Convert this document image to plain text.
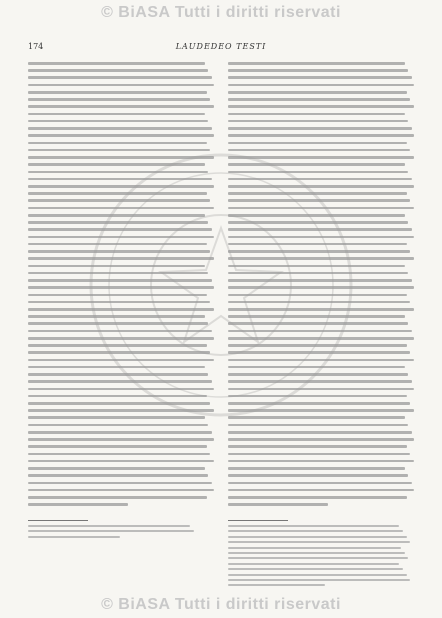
© BiASA Tutti i diritti riservati
174	LAUDEDEO TESTI
© BiASA Tutti i diritti riservati
